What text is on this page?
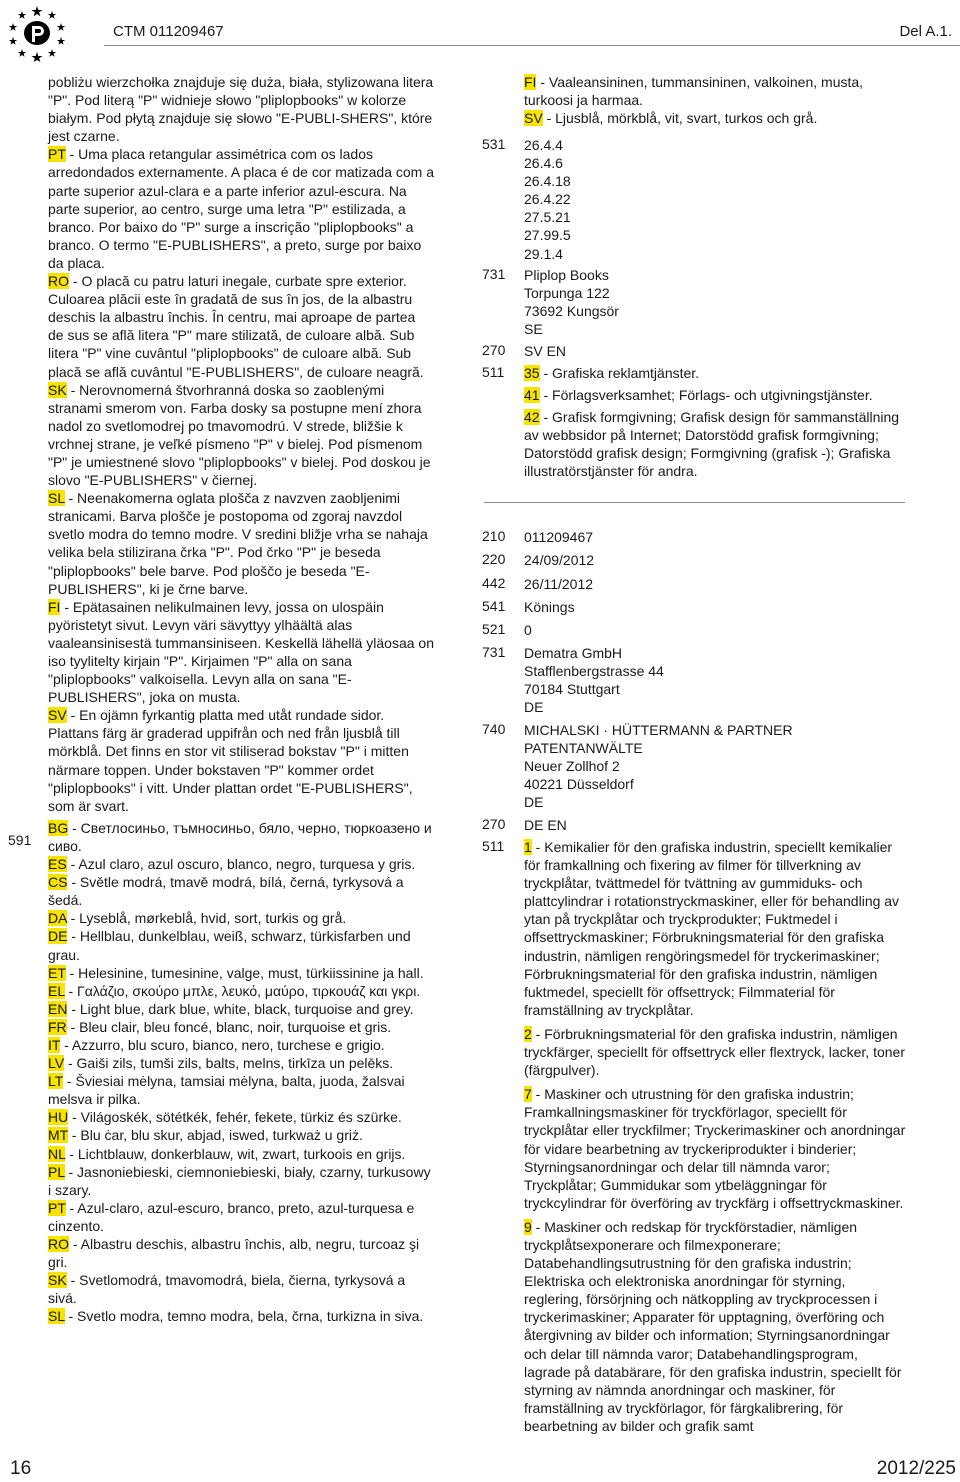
CTM 011209467	Del A.1.
591

pobliżu wierzchołka znajduje się duża, biała, stylizowana litera "P". Pod literą "P" widnieje słowo "pliplopbooks" w kolorze białym. Pod płytą znajduje się słowo "E-PUBLI-SHERS", które jest czarne.

PT - Uma placa retangular assimétrica com os lados arredondados externamente. A placa é de cor matizada com a parte superior azul-clara e a parte inferior azul-escura. Na parte superior, ao centro, surge uma letra "P" estilizada, a branco. Por baixo do "P" surge a inscrição "pliplopbooks" a branco. O termo "E-PUBLISHERS", a preto, surge por baixo da placa.

RO - O placă cu patru laturi inegale, curbate spre exterior. Culoarea plăcii este în gradată de sus în jos, de la albastru deschis la albastru închis. În centru, mai aproape de partea de sus se află litera "P" mare stilizată, de culoare albă. Sub litera "P" vine cuvântul "pliplopbooks" de culoare albă. Sub placă se află cuvântul "E-PUBLISHERS", de culoare neagră.

SK - Nerovnomerná štvorhranná doska so zaoblenými stranami smerom von. Farba dosky sa postupne mení zhora nadol zo svetlomodrej po tmavomodrú. V strede, bližšie k vrchnej strane, je veľké písmeno "P" v bielej. Pod písmenom "P" je umiestnené slovo "pliplopbooks" v bielej. Pod doskou je slovo "E-PUBLISHERS" v čiernej.

SL - Neenakomerna oglata plošča z navzven zaobljenimi stranicami. Barva plošče je postopoma od zgoraj navzdol svetlo modra do temno modre. V sredini bližje vrha se nahaja velika bela stilizirana črka "P". Pod črko "P" je beseda "pliplopbooks" bele barve. Pod ploščo je beseda "E-PUBLISHERS", ki je črne barve.

FI - Epätasainen nelikulmainen levy, jossa on ulospäin pyöristetyt sivut. Levyn väri sävyttyy ylhäältä alas vaaleansinisestä tummansiniseen. Keskellä lähellä yläosaa on iso tyylitelty kirjain "P". Kirjaimen "P" alla on sana "pliplopbooks" valkoisella. Levyn alla on sana "E-PUBLISHERS", joka on musta.

SV - En ojämn fyrkantig platta med utåt rundade sidor. Plattans färg är graderad uppifrån och ned från ljusblå till mörkblå. Det finns en stor vit stiliserad bokstav "P" i mitten närmare toppen. Under bokstaven "P" kommer ordet "pliplopbooks" i vitt. Under plattan ordet "E-PUBLISHERS", som är svart.

BG - Светлосиньо, тъмносиньо, бяло, черно, тюркоазено и сиво.

ES - Azul claro, azul oscuro, blanco, negro, turquesa y gris.

CS - Světle modrá, tmavě modrá, bílá, černá, tyrkysová a šedá.

DA - Lyseblå, mørkeblå, hvid, sort, turkis og grå.

DE - Hellblau, dunkelblau, weiß, schwarz, türkisfarben und grau.

ET - Helesinine, tumesinine, valge, must, türkiissinine ja hall.

EL - Γαλάζιο, σκούρο μπλε, λευκό, μαύρο, τιρκουάζ και γκρι.

EN - Light blue, dark blue, white, black, turquoise and grey.

FR - Bleu clair, bleu foncé, blanc, noir, turquoise et gris.

IT - Azzurro, blu scuro, bianco, nero, turchese e grigio.

LV - Gaiši zils, tumši zils, balts, melns, tirkīza un pelēks.

LT - Šviesiai mėlyna, tamsiai mėlyna, balta, juoda, žalsvai melsva ir pilka.

HU - Világoskék, sötétkék, fehér, fekete, türkiz és szürke.

MT - Blu ċar, blu skur, abjad, iswed, turkważ u griż.

NL - Lichtblauw, donkerblauw, wit, zwart, turkoois en grijs.

PL - Jasnoniebieski, ciemnoniebieski, biały, czarny, turkusowy i szary.

PT - Azul-claro, azul-escuro, branco, preto, azul-turquesa e cinzento.

RO - Albastru deschis, albastru închis, alb, negru, turcoaz şi gri.

SK - Svetlomodrá, tmavomodrá, biela, čierna, tyrkysová a sivá.

SL - Svetlo modra, temno modra, bela, črna, turkizna in siva.

FI - Vaaleansininen, tummansininen, valkoinen, musta, turkoosi ja harmaa.

SV - Ljusblå, mörkblå, vit, svart, turkos och grå.

531 26.4.4
26.4.6
26.4.18
26.4.22
27.5.21
27.99.5
29.1.4
731 Pliplop Books
Torpunga 122
73692 Kungsör
SE
270 SV EN
511 35 - Grafiska reklamtjänster.

41 - Förlagsverksamhet; Förlags- och utgivningstjänster.

42 - Grafisk formgivning; Grafisk design för sammanställning av webbsidor på Internet; Datorstödd grafisk formgivning; Datorstödd grafisk design; Formgivning (grafisk -); Grafiska illustratörstjänster för andra.

210 011209467
220 24/09/2012
442 26/11/2012
541 Könings
521 0
731 Dematra GmbH
Stafflenbergstrasse 44
70184 Stuttgart
DE
740 MICHALSKI · HÜTTERMANN & PARTNER
PATENTANWÄLTE
Neuer Zollhof 2
40221 Düsseldorf
DE
270 DE EN
511 1 - Kemikalier för den grafiska industrin, speciellt kemikalier för framkallning och fixering av filmer för tillverkning av tryckplåtar, tvättmedel för tvättning av gummiduks- och plattcylindrar i rotationstryckmaskiner, eller för behandling av ytan på tryckplåtar och tryckprodukter; Fuktmedel i offsettryckmaskiner; Förbrukningsmaterial för den grafiska industrin, nämligen rengöringsmedel för tryckerimaskiner; Förbrukningsmaterial för den grafiska industrin, nämligen fuktmedel, speciellt för offsettryck; Filmmaterial för framställning av tryckplåtar.

2 - Förbrukningsmaterial för den grafiska industrin, nämligen tryckfärger, speciellt för offsettryck eller flextryck, lacker, toner (färgpulver).

7 - Maskiner och utrustning för den grafiska industrin; Framkallningsmaskiner för tryckförlagor, speciellt för tryckplåtar eller tryckfilmer; Tryckerimaskiner och anordningar för vidare bearbetning av tryckeriprodukter i binderier; Styrningsanordningar och delar till nämnda varor; Tryckplåtar; Gummidukar som ytbeläggningar för tryckcylindrar för överföring av tryckfärg i offsettryckmaskiner.

9 - Maskiner och redskap för tryckförstadier, nämligen tryckplåtsexponerare och filmexponerare; Databehandlingsutrustning för den grafiska industrin; Elektriska och elektroniska anordningar för styrning, reglering, försörjning och nätkoppling av tryckprocessen i tryckerimaskiner; Apparater för upptagning, överföring och återgivning av bilder och information; Styrningsanordningar och delar till nämnda varor; Databehandlingsprogram, lagrade på databärare, för den grafiska industrin, speciellt för styrning av nämnda anordningar och maskiner, för framställning av tryckförlagor, för färgkalibrering, för bearbetning av bilder och grafik samt

16	2012/225
